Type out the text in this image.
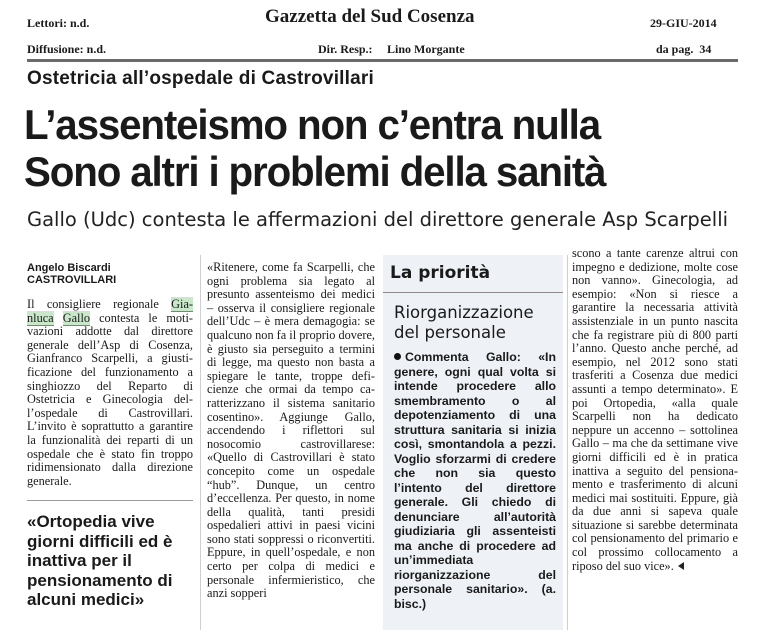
Lettori: n.d.	Gazzetta del Sud Cosenza	29-GIU-2014
Diffusione: n.d.	Dir. Resp.: Lino Morgante	da pag.  34
Ostetricia all’ospedale di Castrovillari
L’assenteismo non c’entra nulla
Sono altri i problemi della sanità
Gallo (Udc) contesta le affermazioni del direttore generale Asp Scarpelli
Angelo Biscardi
CASTROVILLARI

Il consigliere regionale Gia- nluca Gallo contesta le motivazioni addotte dal direttore generale dell’Asp di Cosenza, Gianfranco Scarpelli, a giustificazione del funzionamento a singhiozzo del Reparto di Ostetricia e Ginecologia dell’ospedale di Castrovillari. L’invito è soprattutto a garantire la funzionalità dei reparti di un ospedale che è stato fin troppo ridimensionato dalla direzione generale.

«Ortopedia vive giorni difficili ed è inattiva per il pensionamento di alcuni medici»

«Ritenere, come fa Scarpelli, che ogni problema sia legato al presunto assenteismo dei medici – osserva il consigliere regionale dell’Udc – è mera demagogia: se qualcuno non fa il proprio dovere, è giusto sia perseguito a termini di legge, ma questo non basta a spiegare le tante, troppe deficienze che ormai da tempo caratterizzano il sistema sanitario cosentino». Aggiunge Gallo, accendendo i riflettori sul nosocomio castrovillarese: «Quello di Castrovillari è stato concepito come un ospedale “hub”. Dunque, un centro d’eccellenza. Per questo, in nome della qualità, tanti presidi ospedalieri attivi in paesi vicini sono stati soppressi o riconvertiti. Eppure, in quell’ospedale, e non certo per colpa di medici e personale infermieristico, che anzi sopperi

La priorità
Riorganizzazione del personale
Commenta Gallo: «In genere, ogni qual volta si intende procedere allo smembramento o al depotenziamento di una struttura sanitaria si inizia così, smontandola a pezzi. Voglio sforzarmi di credere che non sia questo l’intento del direttore generale. Gli chiedo di denunciare all’autorità giudiziaria gli assenteisti ma anche di procedere ad un’immediata riorganizzazione del personale sanitario». (a. bisc.)

scono a tante carenze altrui con impegno e dedizione, molte cose non vanno». Ginecologia, ad esempio: «Non si riesce a garantire la necessaria attività assistenziale in un punto nascita che fa registrare più di 800 parti l’anno. Questo anche perché, ad esempio, nel 2012 sono stati trasferiti a Cosenza due medici assunti a tempo determinato». E poi Ortopedia, «alla quale Scarpelli non ha dedicato neppure un accenno – sottolinea Gallo – ma che da settimane vive giorni difficili ed è in pratica inattiva a seguito del pensionamento e trasferimento di alcuni medici mai sostituiti. Eppure, già da due anni si sapeva quale situazione si sarebbe determinata col pensionamento del primario e col prossimo collocamento a riposo del suo vice».
